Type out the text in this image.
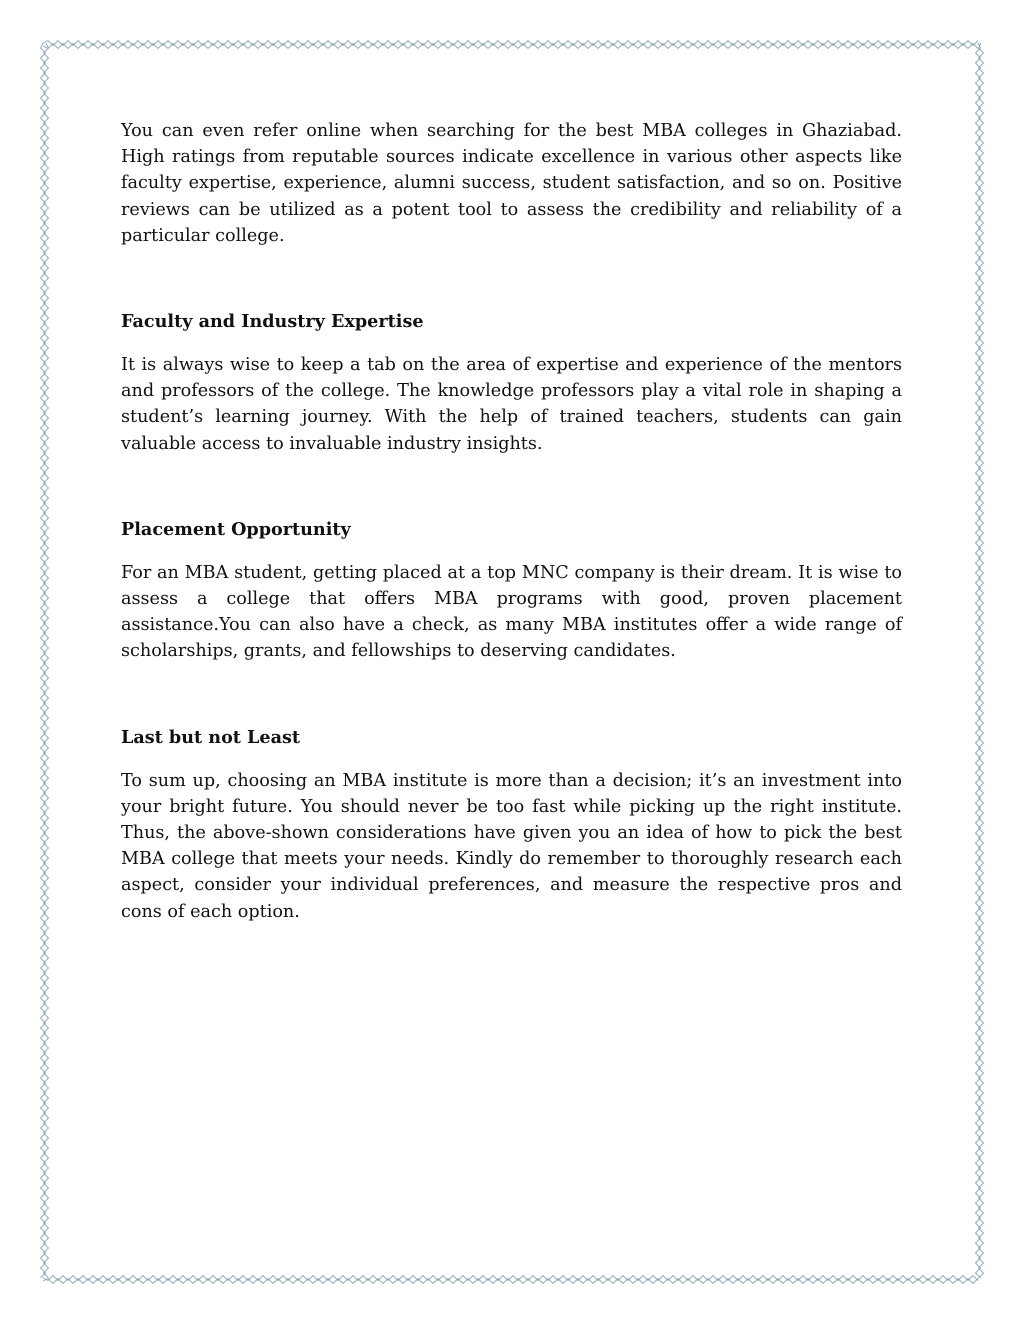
You can even refer online when searching for the best MBA colleges in Ghaziabad. High ratings from reputable sources indicate excellence in various other aspects like faculty expertise, experience, alumni success, student satisfaction, and so on. Positive reviews can be utilized as a potent tool to assess the credibility and reliability of a particular college.

Faculty and Industry Expertise

It is always wise to keep a tab on the area of expertise and experience of the mentors and professors of the college. The knowledge professors play a vital role in shaping a student’s learning journey. With the help of trained teachers, students can gain valuable access to invaluable industry insights.

Placement Opportunity

For an MBA student, getting placed at a top MNC company is their dream. It is wise to assess a college that offers MBA programs with good, proven placement assistance.You can also have a check, as many MBA institutes offer a wide range of scholarships, grants, and fellowships to deserving candidates.

Last but not Least

To sum up, choosing an MBA institute is more than a decision; it’s an investment into your bright future. You should never be too fast while picking up the right institute. Thus, the above-shown considerations have given you an idea of how to pick the best MBA college that meets your needs. Kindly do remember to thoroughly research each aspect, consider your individual preferences, and measure the respective pros and cons of each option.
